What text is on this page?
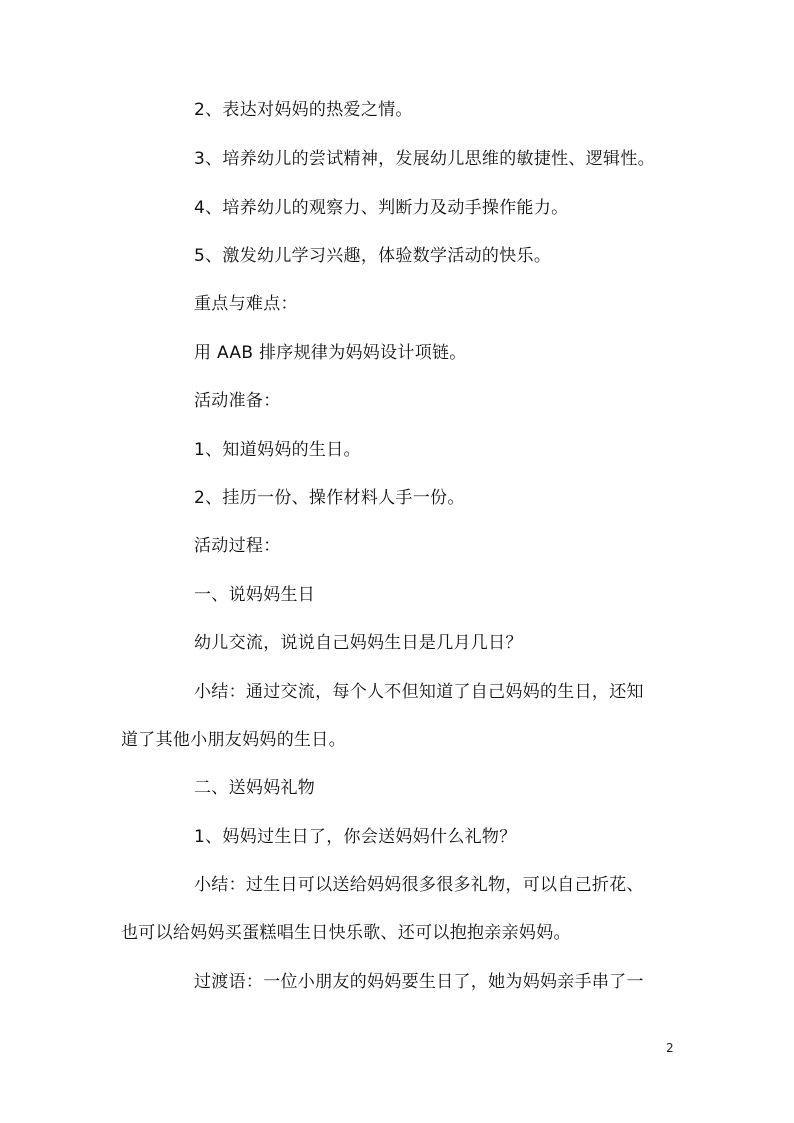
2、表达对妈妈的热爱之情。
3、培养幼儿的尝试精神，发展幼儿思维的敏捷性、逻辑性。
4、培养幼儿的观察力、判断力及动手操作能力。
5、激发幼儿学习兴趣，体验数学活动的快乐。
重点与难点：
用 AAB 排序规律为妈妈设计项链。
活动准备：
1、知道妈妈的生日。
2、挂历一份、操作材料人手一份。
活动过程：
一、说妈妈生日
幼儿交流，说说自己妈妈生日是几月几日？
小结：通过交流，每个人不但知道了自己妈妈的生日，还知
道了其他小朋友妈妈的生日。
二、送妈妈礼物
1、妈妈过生日了，你会送妈妈什么礼物？
小结：过生日可以送给妈妈很多很多礼物，可以自己折花、
也可以给妈妈买蛋糕唱生日快乐歌、还可以抱抱亲亲妈妈。
过渡语：一位小朋友的妈妈要生日了，她为妈妈亲手串了一
2
